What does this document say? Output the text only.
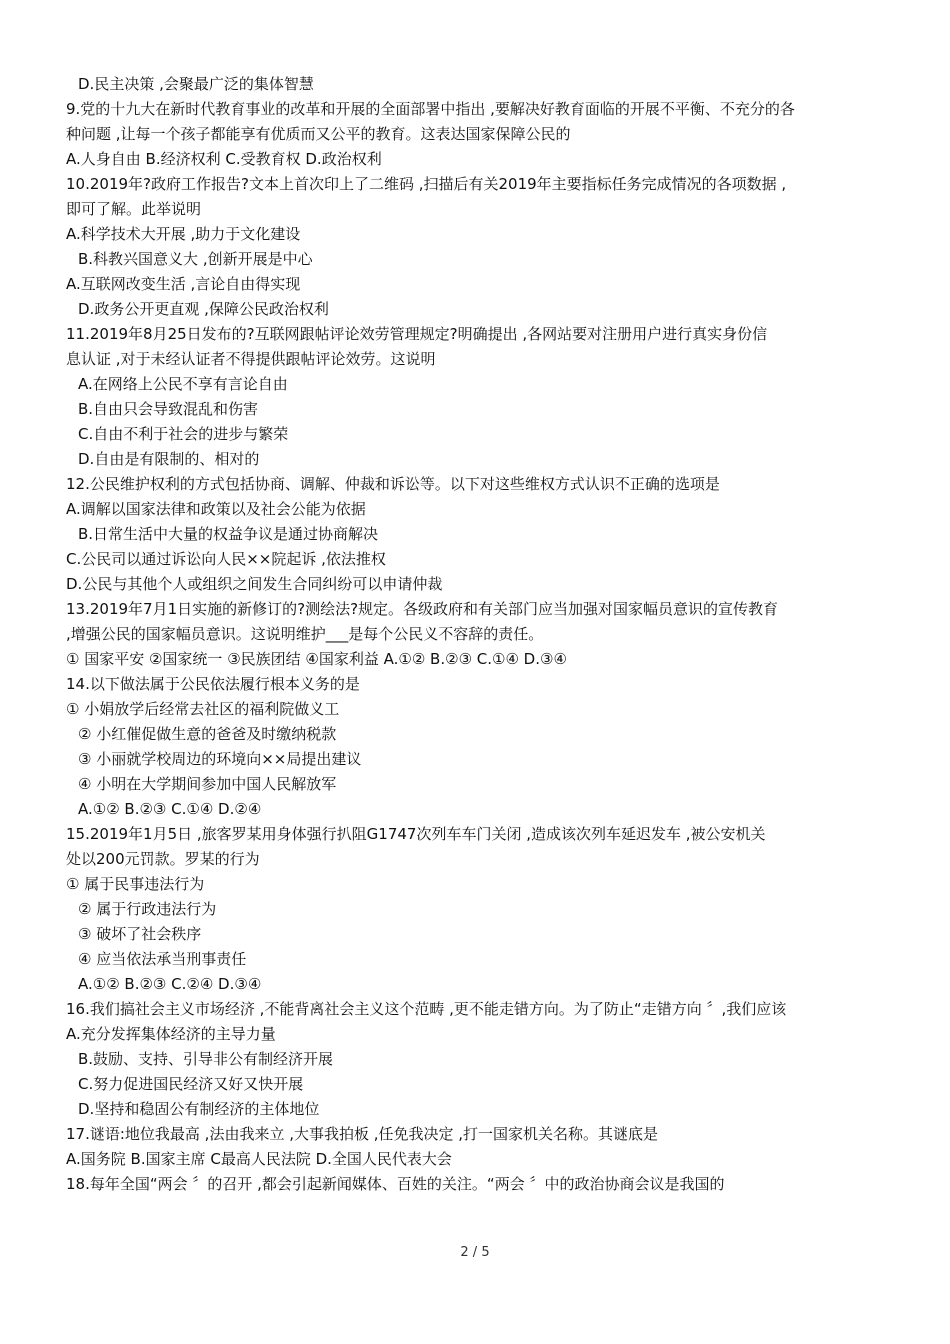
D.民主决策 ,会聚最广泛的集体智慧
9.党的十九大在新时代教育事业的改革和开展的全面部署中指出 ,要解决好教育面临的开展不平衡、不充分的各
种问题 ,让每一个孩子都能享有优质而又公平的教育。这表达国家保障公民的
A.人身自由 B.经济权利 C.受教育权 D.政治权利
10.2019年?政府工作报告?文本上首次印上了二维码 ,扫描后有关2019年主要指标任务完成情况的各项数据 ,
即可了解。此举说明
A.科学技术大开展 ,助力于文化建设
B.科教兴国意义大 ,创新开展是中心
A.互联网改变生活 ,言论自由得实现
D.政务公开更直观 ,保障公民政治权利
11.2019年8月25日发布的?互联网跟帖评论效劳管理规定?明确提出 ,各网站要对注册用户进行真实身份信
息认证 ,对于未经认证者不得提供跟帖评论效劳。这说明
A.在网络上公民不享有言论自由
B.自由只会导致混乱和伤害
C.自由不利于社会的进步与繁荣
D.自由是有限制的、相对的
12.公民维护权利的方式包括协商、调解、仲裁和诉讼等。以下对这些维权方式认识不正确的选项是
A.调解以国家法律和政策以及社会公能为依据
B.日常生活中大量的权益争议是通过协商解决
C.公民司以通过诉讼向人民××院起诉 ,依法推权
D.公民与其他个人或组织之间发生合同纠纷可以申请仲裁
13.2019年7月1日实施的新修订的?测绘法?规定。各级政府和有关部门应当加强对国家幅员意识的宣传教育
,增强公民的国家幅员意识。这说明维护___是每个公民义不容辞的责任。
① 国家平安 ②国家统一 ③民族团结 ④国家利益 A.①② B.②③ C.①④ D.③④
14.以下做法属于公民依法履行根本义务的是
① 小娟放学后经常去社区的福利院做义工
② 小红催促做生意的爸爸及时缴纳税款
③ 小丽就学校周边的环境向××局提出建议
④ 小明在大学期间参加中国人民解放军
A.①② B.②③ C.①④ D.②④
15.2019年1月5日 ,旅客罗某用身体强行扒阻G1747次列车车门关闭 ,造成该次列车延迟发车 ,被公安机关
处以200元罚款。罗某的行为
① 属于民事违法行为
② 属于行政违法行为
③ 破坏了社会秩序
④ 应当依法承当刑事责任
A.①② B.②③ C.②④ D.③④
16.我们搞社会主义市场经济 ,不能背离社会主义这个范畴 ,更不能走错方向。为了防止“走错方向 〞,我们应该
A.充分发挥集体经济的主导力量
B.鼓励、支持、引导非公有制经济开展
C.努力促进国民经济又好又快开展
D.坚持和稳固公有制经济的主体地位
17.谜语:地位我最高 ,法由我来立 ,大事我拍板 ,任免我决定 ,打一国家机关名称。其谜底是
A.国务院 B.国家主席 C最高人民法院 D.全国人民代表大会
18.每年全国“两会 〞的召开 ,都会引起新闻媒体、百姓的关注。“两会 〞中的政治协商会议是我国的
2 / 5
